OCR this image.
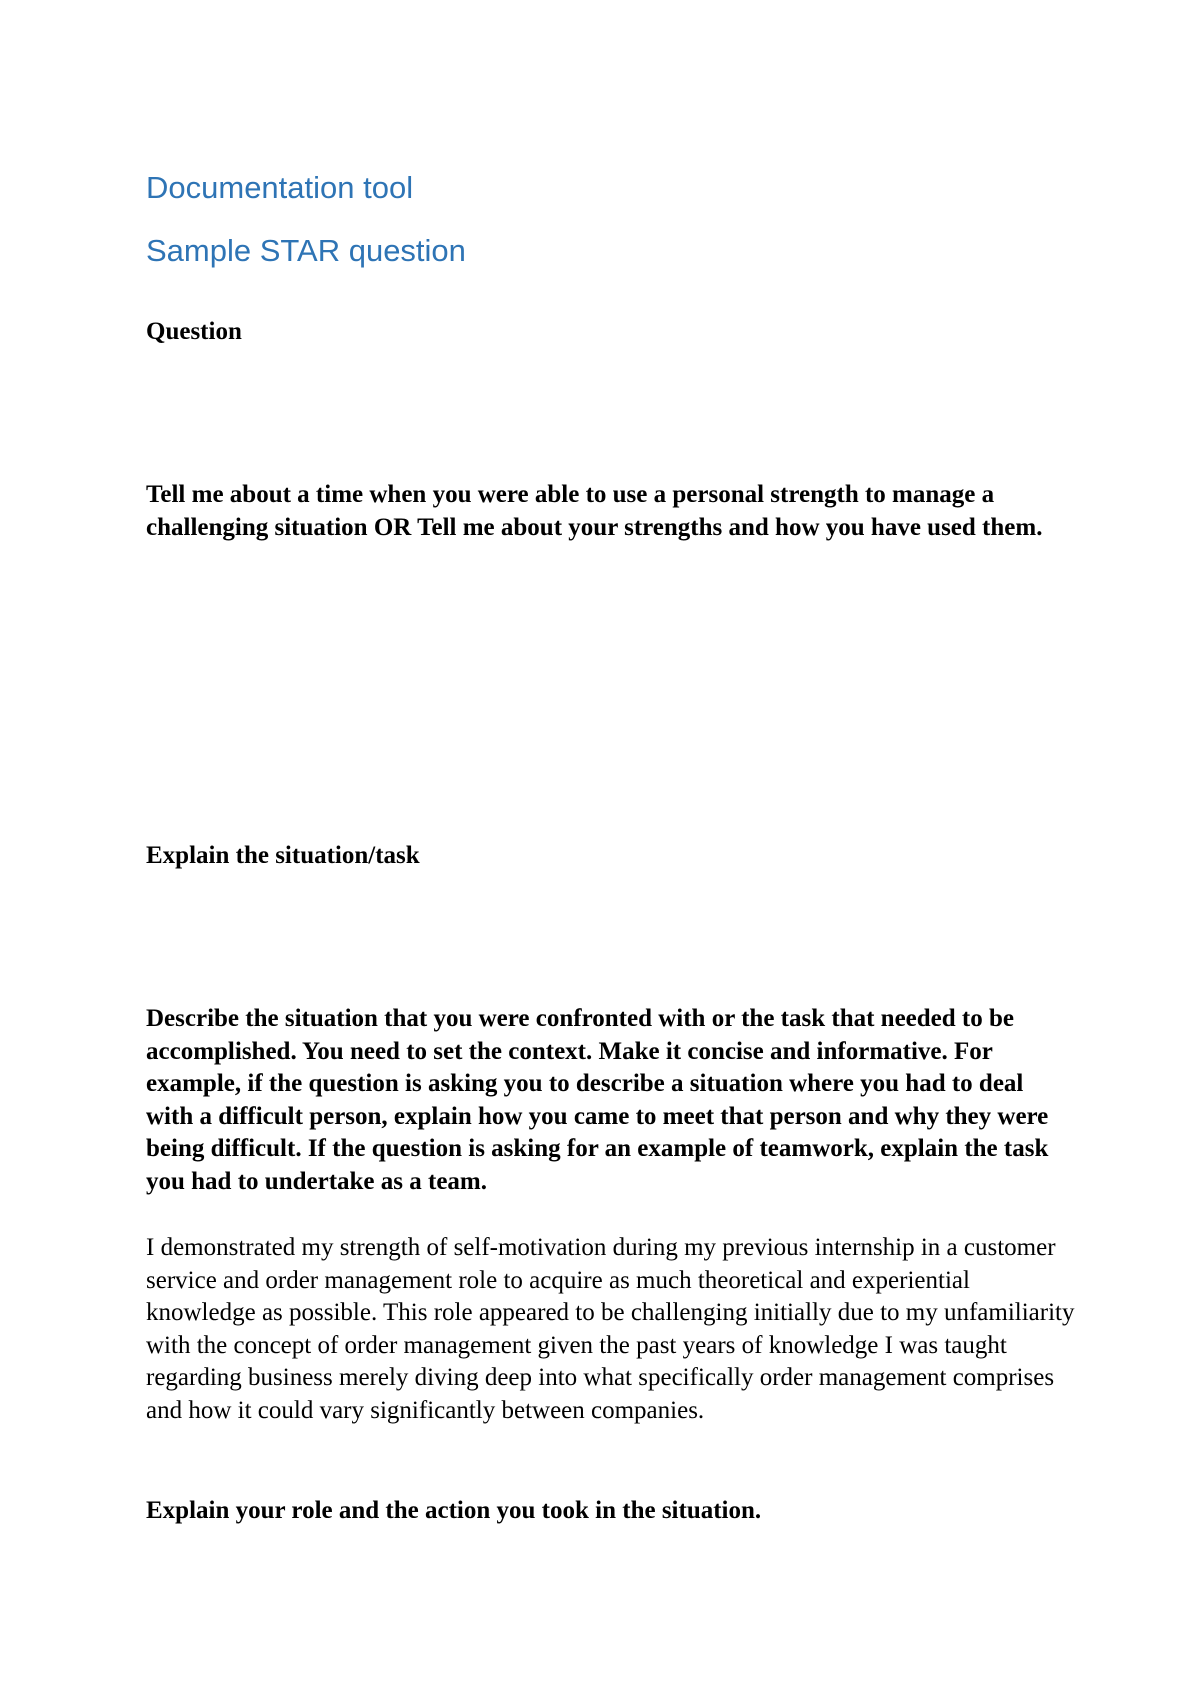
Documentation tool
Sample STAR question
Question

Tell me about a time when you were able to use a personal strength to manage a challenging situation OR Tell me about your strengths and how you have used them.

Explain the situation/task

Describe the situation that you were confronted with or the task that needed to be accomplished. You need to set the context. Make it concise and informative. For example, if the question is asking you to describe a situation where you had to deal with a difficult person, explain how you came to meet that person and why they were being difficult. If the question is asking for an example of teamwork, explain the task you had to undertake as a team.

I demonstrated my strength of self-motivation during my previous internship in a customer service and order management role to acquire as much theoretical and experiential knowledge as possible. This role appeared to be challenging initially due to my unfamiliarity with the concept of order management given the past years of knowledge I was taught regarding business merely diving deep into what specifically order management comprises and how it could vary significantly between companies.

Explain your role and the action you took in the situation.
